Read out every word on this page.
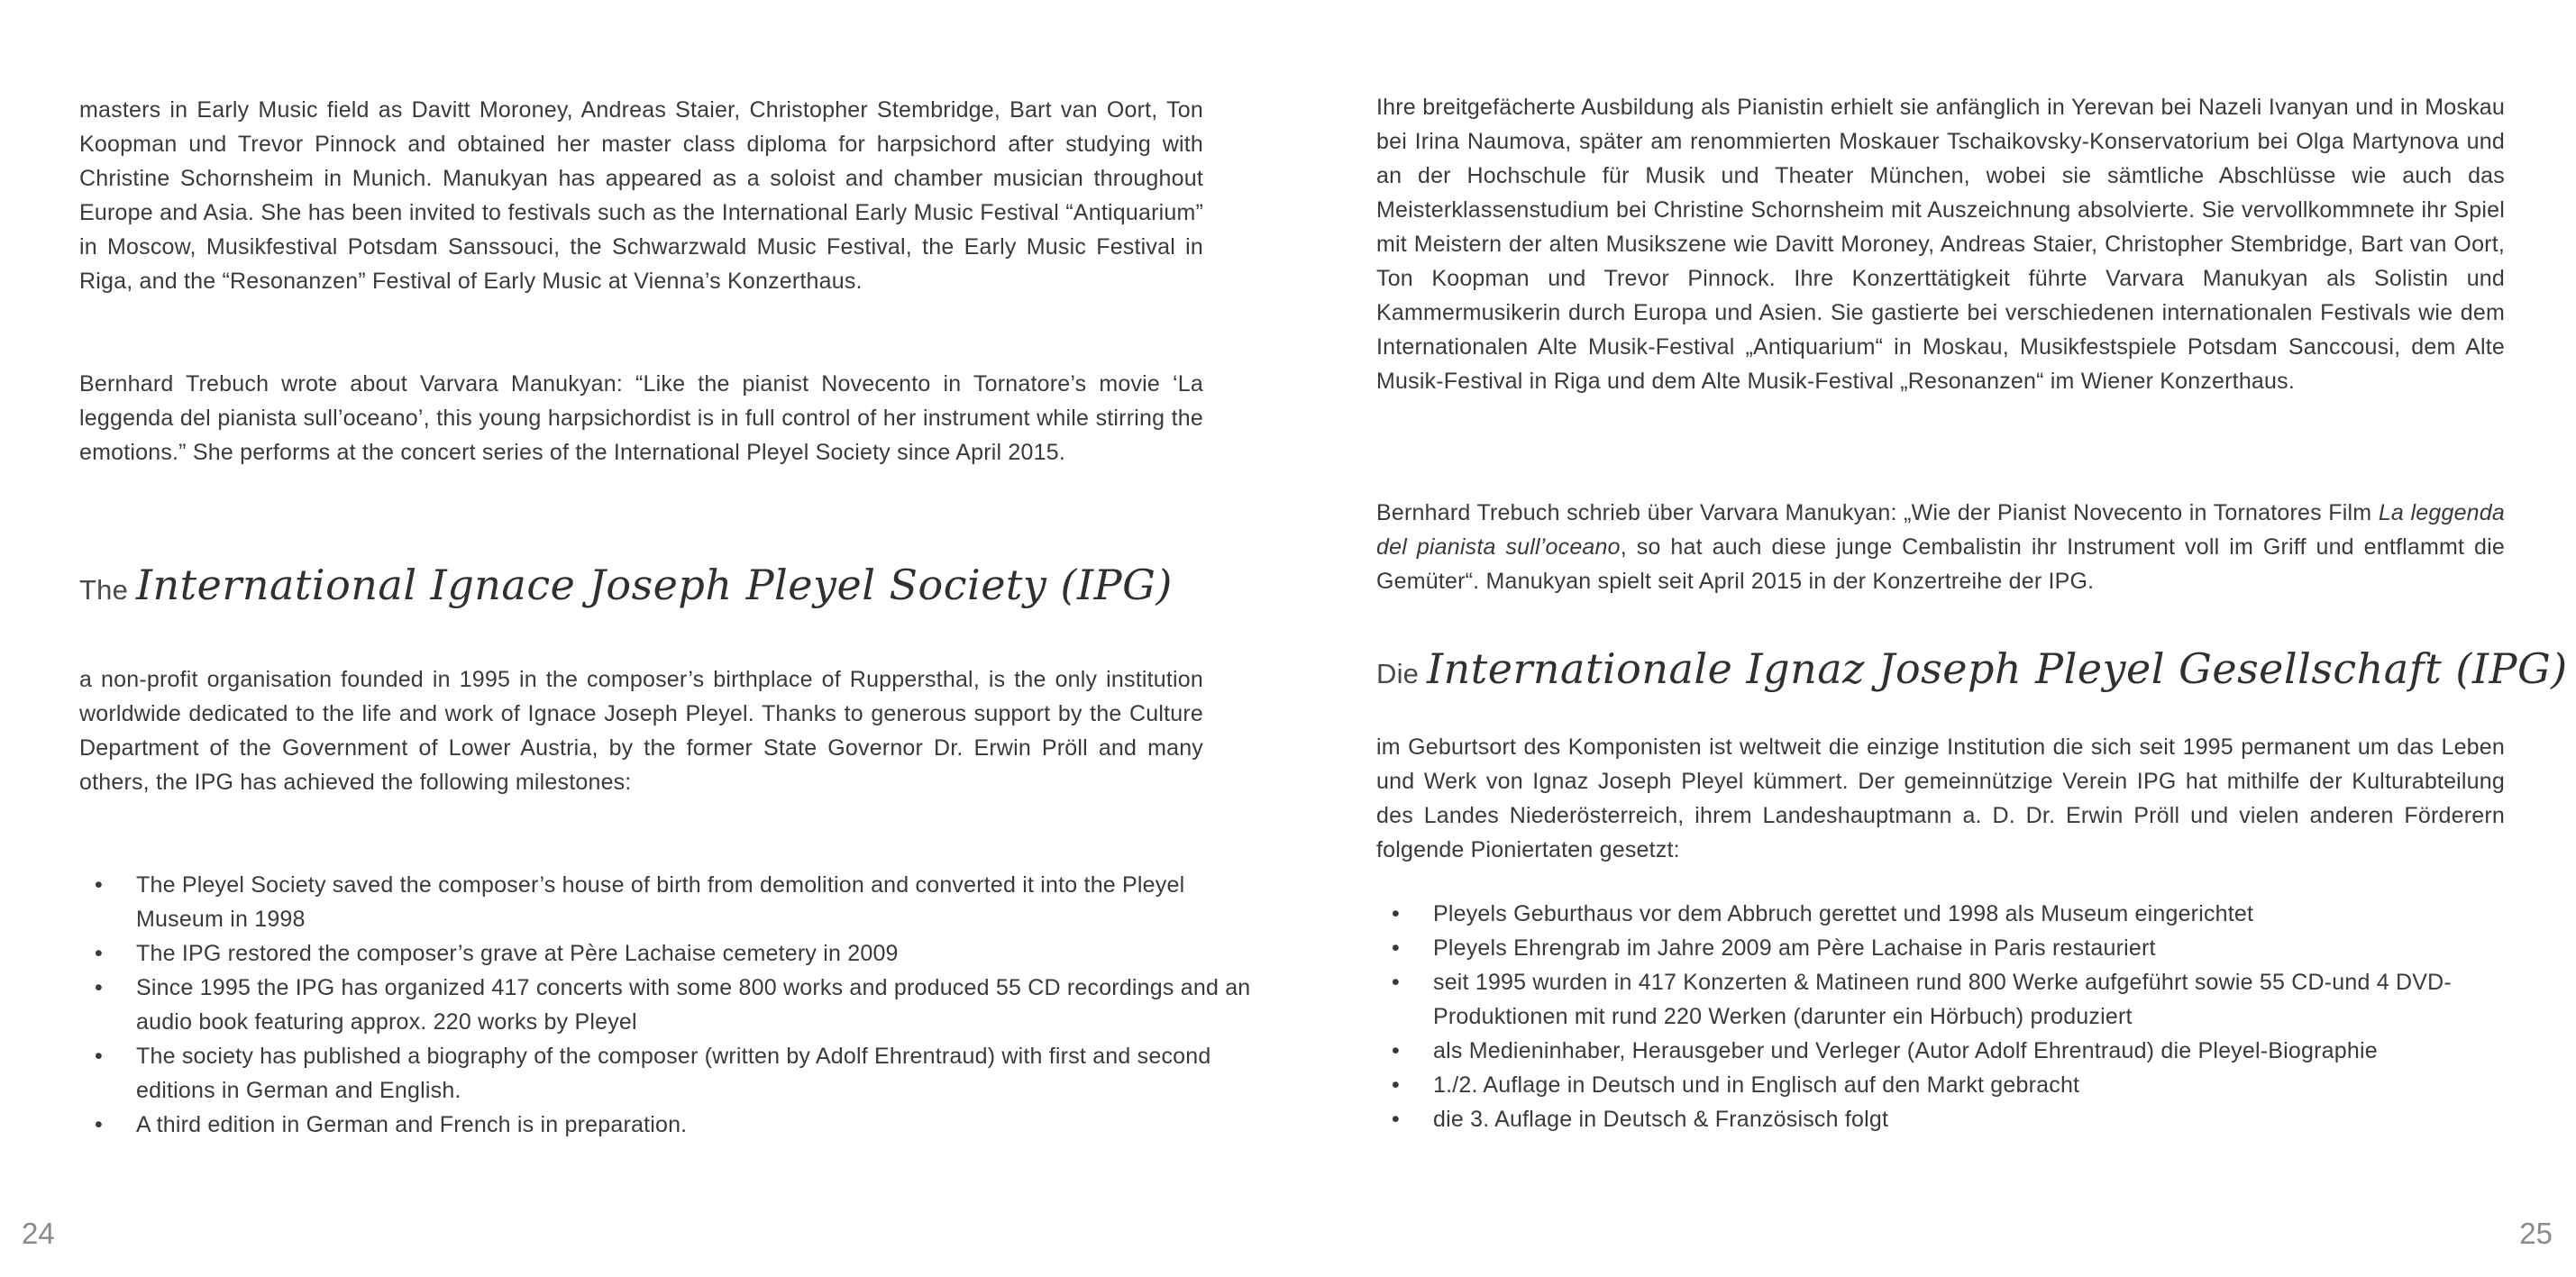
masters in Early Music field as Davitt Moroney, Andreas Staier, Christopher Stembridge, Bart van Oort, Ton Koopman und Trevor Pinnock and obtained her master class diploma for harpsichord after studying with Christine Schornsheim in Munich. Manukyan has appeared as a soloist and chamber musician throughout Europe and Asia. She has been invited to festivals such as the International Early Music Festival “Antiquarium” in Moscow, Musikfestival Potsdam Sanssouci, the Schwarzwald Music Festival, the Early Music Festival in Riga, and the “Resonanzen” Festival of Early Music at Vienna’s Konzerthaus.
Bernhard Trebuch wrote about Varvara Manukyan: “Like the pianist Novecento in Tornatore’s movie ‘La leggenda del pianista sull’oceano’, this young harpsichordist is in full control of her instrument while stirring the emotions.” She performs at the concert series of the International Pleyel Society since April 2015.
The International Ignace Joseph Pleyel Society (IPG)
a non-profit organisation founded in 1995 in the composer’s birthplace of Ruppersthal, is the only institution worldwide dedicated to the life and work of Ignace Joseph Pleyel. Thanks to generous support by the Culture Department of the Government of Lower Austria, by the former State Governor Dr. Erwin Pröll and many others, the IPG has achieved the following milestones:
• The Pleyel Society saved the composer’s house of birth from demolition and converted it into the Pleyel Museum in 1998
• The IPG restored the composer’s grave at Père Lachaise cemetery in 2009
• Since 1995 the IPG has organized 417 concerts with some 800 works and produced 55 CD recordings and an audio book featuring approx. 220 works by Pleyel
• The society has published a biography of the composer (written by Adolf Ehrentraud) with first and second editions in German and English.
• A third edition in German and French is in preparation.
24
Ihre breitgefächerte Ausbildung als Pianistin erhielt sie anfänglich in Yerevan bei Nazeli Ivanyan und in Moskau bei Irina Naumova, später am renommierten Moskauer Tschaikovsky-Konservatorium bei Olga Martynova und an der Hochschule für Musik und Theater München, wobei sie sämtliche Abschlüsse wie auch das Meisterklassenstudium bei Christine Schornsheim mit Auszeichnung absolvierte. Sie vervollkommnete ihr Spiel mit Meistern der alten Musikszene wie Davitt Moroney, Andreas Staier, Christopher Stembridge, Bart van Oort, Ton Koopman und Trevor Pinnock. Ihre Konzerttätigkeit führte Varvara Manukyan als Solistin und Kammermusikerin durch Europa und Asien. Sie gastierte bei verschiedenen internationalen Festivals wie dem Internationalen Alte Musik-Festival „Antiquarium“ in Moskau, Musikfestspiele Potsdam Sanccousi, dem Alte Musik-Festival in Riga und dem Alte Musik-Festival „Resonanzen“ im Wiener Konzerthaus.
Bernhard Trebuch schrieb über Varvara Manukyan: „Wie der Pianist Novecento in Tornatores Film La leggenda del pianista sull’oceano, so hat auch diese junge Cembalistin ihr Instrument voll im Griff und entflammt die Gemüter“. Manukyan spielt seit April 2015 in der Konzertreihe der IPG.
Die Internationale Ignaz Joseph Pleyel Gesellschaft (IPG)
im Geburtsort des Komponisten ist weltweit die einzige Institution die sich seit 1995 permanent um das Leben und Werk von Ignaz Joseph Pleyel kümmert. Der gemeinnützige Verein IPG hat mithilfe der Kulturabteilung des Landes Niederösterreich, ihrem Landeshauptmann a. D. Dr. Erwin Pröll und vielen anderen Förderern folgende Pioniertaten gesetzt:
• Pleyels Geburthaus vor dem Abbruch gerettet und 1998 als Museum eingerichtet
• Pleyels Ehrengrab im Jahre 2009 am Père Lachaise in Paris restauriert
• seit 1995 wurden in 417 Konzerten & Matineen rund 800 Werke aufgeführt sowie 55 CD-und 4 DVD-Produktionen mit rund 220 Werken (darunter ein Hörbuch) produziert
• als Medieninhaber, Herausgeber und Verleger (Autor Adolf Ehrentraud) die Pleyel-Biographie
• 1./2. Auflage in Deutsch und in Englisch auf den Markt gebracht
• die 3. Auflage in Deutsch & Französisch folgt
25
